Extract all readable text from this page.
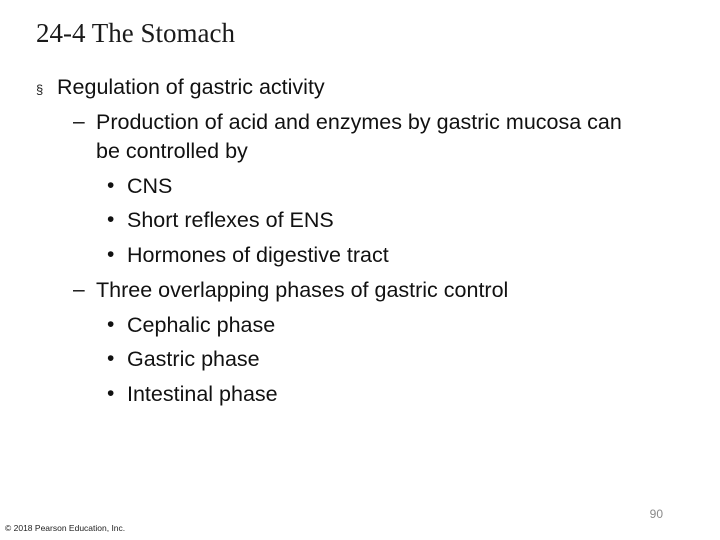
24-4 The Stomach
§ Regulation of gastric activity
– Production of acid and enzymes by gastric mucosa can
be controlled by
• CNS
• Short reflexes of ENS
• Hormones of digestive tract
– Three overlapping phases of gastric control
• Cephalic phase
• Gastric phase
• Intestinal phase
90
© 2018 Pearson Education, Inc.
